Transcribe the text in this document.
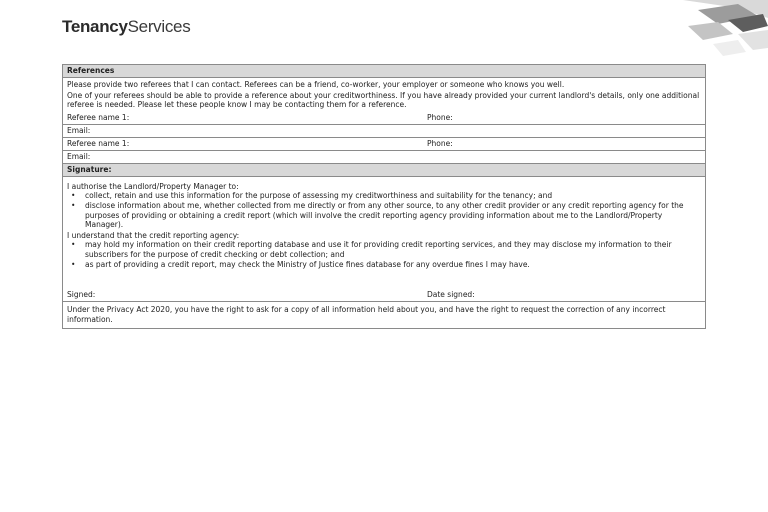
TenancyServices
References
Please provide two referees that I can contact. Referees can be a friend, co-worker, your employer or someone who knows you well.
One of your referees should be able to provide a reference about your creditworthiness. If you have already provided your current landlord's details, only one additional referee is needed. Please let these people know I may be contacting them for a reference.
Referee name 1:	Phone:
Email:
Referee name 1:	Phone:
Email:
Signature:
I authorise the Landlord/Property Manager to:
• collect, retain and use this information for the purpose of assessing my creditworthiness and suitability for the tenancy; and
• disclose information about me, whether collected from me directly or from any other source, to any other credit provider or any credit reporting agency for the purposes of providing or obtaining a credit report (which will involve the credit reporting agency providing information about me to the Landlord/Property Manager).
I understand that the credit reporting agency:
• may hold my information on their credit reporting database and use it for providing credit reporting services, and they may disclose my information to their subscribers for the purpose of credit checking or debt collection; and
• as part of providing a credit report, may check the Ministry of Justice fines database for any overdue fines I may have.
Signed:	Date signed:
Under the Privacy Act 2020, you have the right to ask for a copy of all information held about you, and have the right to request the correction of any incorrect information.
